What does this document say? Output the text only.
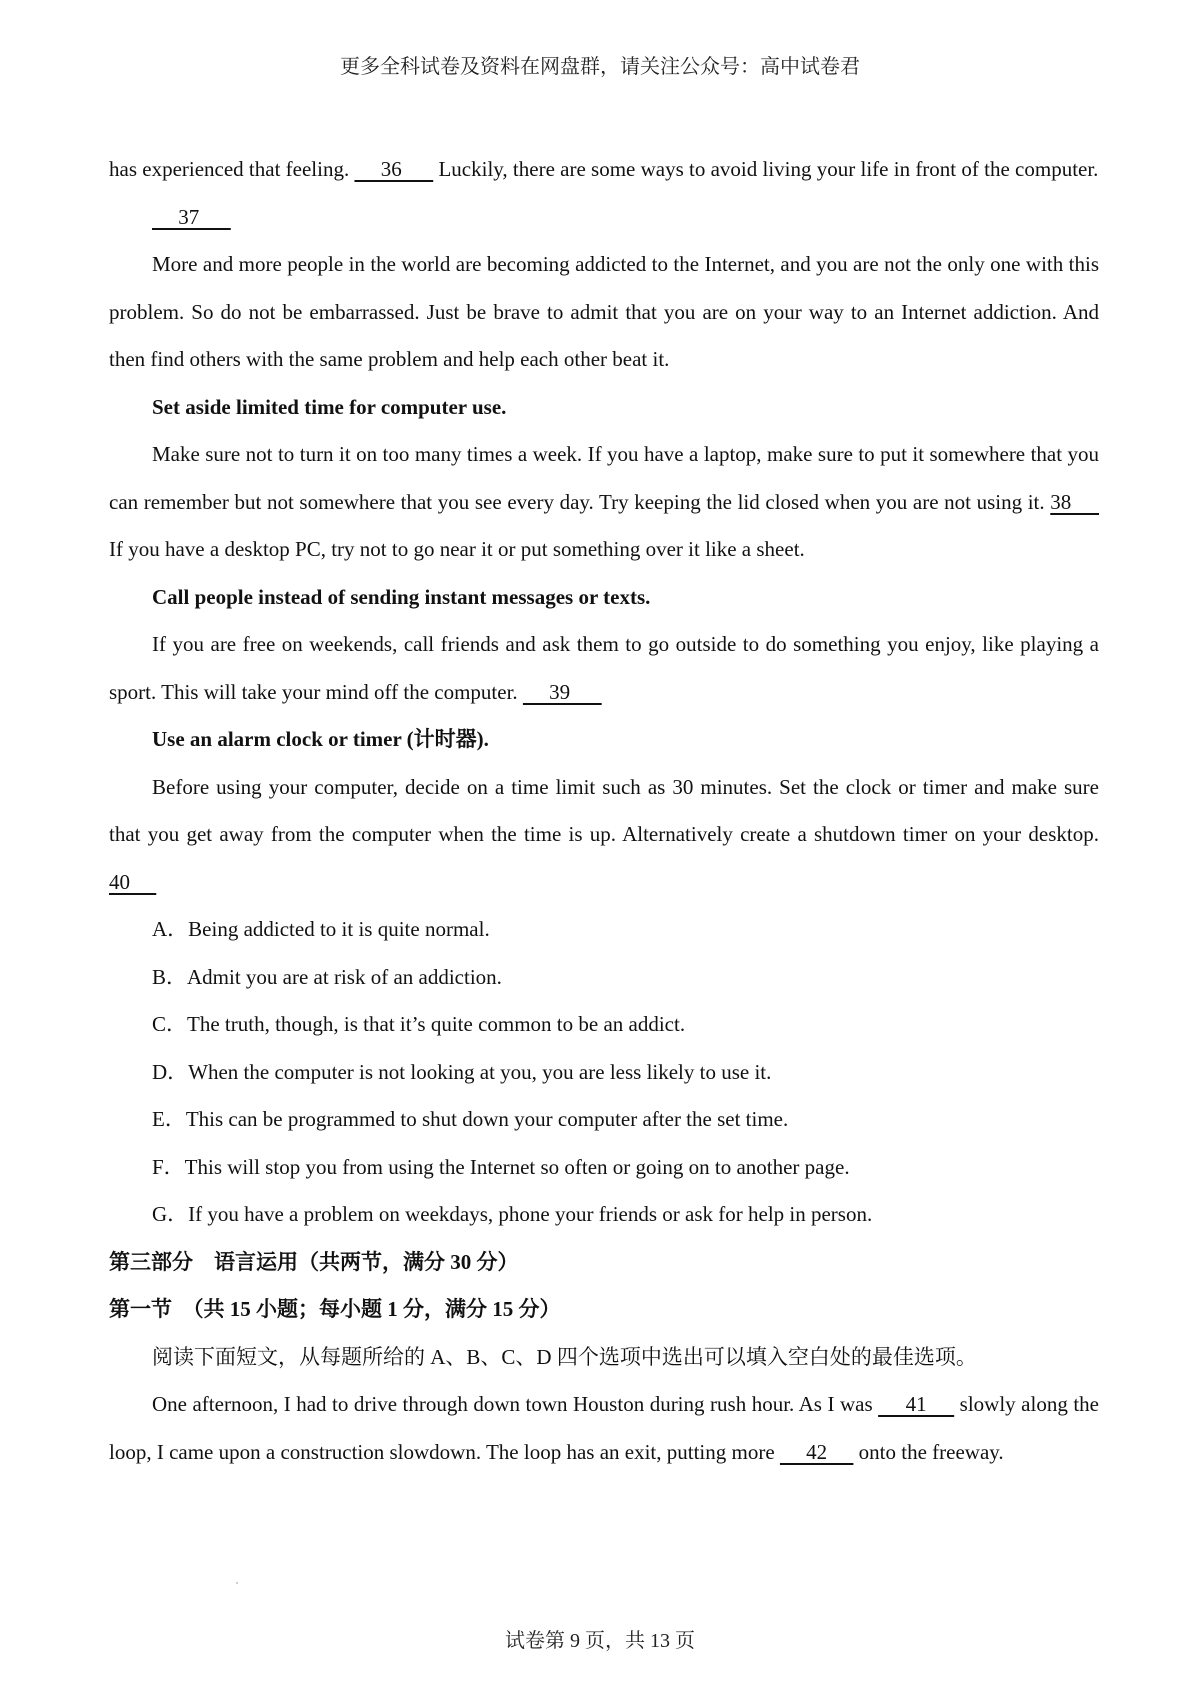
更多全科试卷及资料在网盘群，请关注公众号：高中试卷君

has experienced that feeling.      36       Luckily, there are some ways to avoid living your life in front of the computer.

37

More and more people in the world are becoming addicted to the Internet, and you are not the only one with this problem. So do not be embarrassed. Just be brave to admit that you are on your way to an Internet addiction. And then find others with the same problem and help each other beat it.

Set aside limited time for computer use.

Make sure not to turn it on too many times a week. If you have a laptop, make sure to put it somewhere that you can remember but not somewhere that you see every day. Try keeping the lid closed when you are not using it. 38      If you have a desktop PC, try not to go near it or put something over it like a sheet.

Call people instead of sending instant messages or texts.

If you are free on weekends, call friends and ask them to go outside to do something you enjoy, like playing a sport. This will take your mind off the computer.      39

Use an alarm clock or timer (计时器).

Before using your computer, decide on a time limit such as 30 minutes. Set the clock or timer and make sure that you get away from the computer when the time is up. Alternatively create a shutdown timer on your desktop. 40

A．Being addicted to it is quite normal.

B．Admit you are at risk of an addiction.

C．The truth, though, is that it’s quite common to be an addict.

D．When the computer is not looking at you, you are less likely to use it.

E．This can be programmed to shut down your computer after the set time.

F．This will stop you from using the Internet so often or going on to another page.

G．If you have a problem on weekdays, phone your friends or ask for help in person.

第三部分　语言运用（共两节，满分 30 分）

第一节　（共 15 小题；每小题 1 分，满分 15 分）

阅读下面短文，从每题所给的 A、B、C、D 四个选项中选出可以填入空白处的最佳选项。

One afternoon, I had to drive through down town Houston during rush hour. As I was      41      slowly along the loop, I came upon a construction slowdown. The loop has an exit, putting more      42      onto the freeway.

试卷第 9 页，共 13 页
